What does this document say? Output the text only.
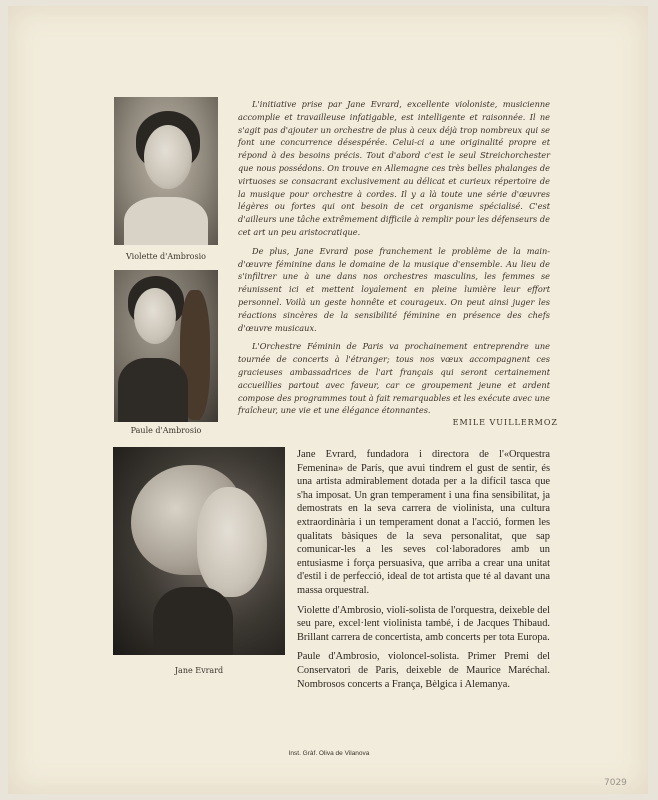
Violette d'Ambrosio
Paule d'Ambrosio

L'initiative prise par Jane Evrard, excellente violoniste, musicienne accomplie et travailleuse infatigable, est intelligente et raisonnée. Il ne s'agit pas d'ajouter un orchestre de plus à ceux déjà trop nombreux qui se font une concurrence désespérée. Celui-ci a une originalité propre et répond à des besoins précis. Tout d'abord c'est le seul Streichorchester que nous possédons. On trouve en Allemagne ces très belles phalanges de virtuoses se consacrant exclusivement au délicat et curieux répertoire de la musique pour orchestre à cordes. Il y a là toute une série d'œuvres légères ou fortes qui ont besoin de cet organisme spécialisé. C'est d'ailleurs une tâche extrêmement difficile à remplir pour les défenseurs de cet art un peu aristocratique.

De plus, Jane Evrard pose franchement le problème de la main-d'œuvre féminine dans le domaine de la musique d'ensemble. Au lieu de s'infiltrer une à une dans nos orchestres masculins, les femmes se réunissent ici et mettent loyalement en pleine lumière leur effort personnel. Voilà un geste honnête et courageux. On peut ainsi juger les réactions sincères de la sensibilité féminine en présence des chefs d'œuvre musicaux.

L'Orchestre Féminin de Paris va prochainement entreprendre une tournée de concerts à l'étranger; tous nos vœux accompagnent ces gracieuses ambassadrices de l'art français qui seront certainement accueillies partout avec faveur, car ce groupement jeune et ardent compose des programmes tout à fait remarquables et les exécute avec une fraîcheur, une vie et une élégance étonnantes.

EMILE VUILLERMOZ
Jane Evrard

Jane Evrard, fundadora i directora de l'«Orquestra Femenina» de París, que avui tindrem el gust de sentir, és una artista admirablement dotada per a la difícil tasca que s'ha imposat. Un gran temperament i una fina sensibilitat, ja demostrats en la seva carrera de violinista, una cultura extraordinària i un temperament donat a l'acció, formen les qualitats bàsiques de la seva personalitat, que sap comunicar-les a les seves col·laboradores amb un entusiasme i força persuasiva, que arriba a crear una unitat d'estil i de perfecció, ideal de tot artista que té al davant una massa orquestral.

Violette d'Ambrosio, violí-solista de l'orquestra, deixeble del seu pare, excel·lent violinista també, i de Jacques Thibaud. Brillant carrera de concertista, amb concerts per tota Europa.

Paule d'Ambrosio, violoncel-solista. Primer Premi del Conservatori de Paris, deixeble de Maurice Maréchal. Nombrosos concerts a França, Bèlgica i Alemanya.

Inst. Gràf. Oliva de Vilanova
7029
